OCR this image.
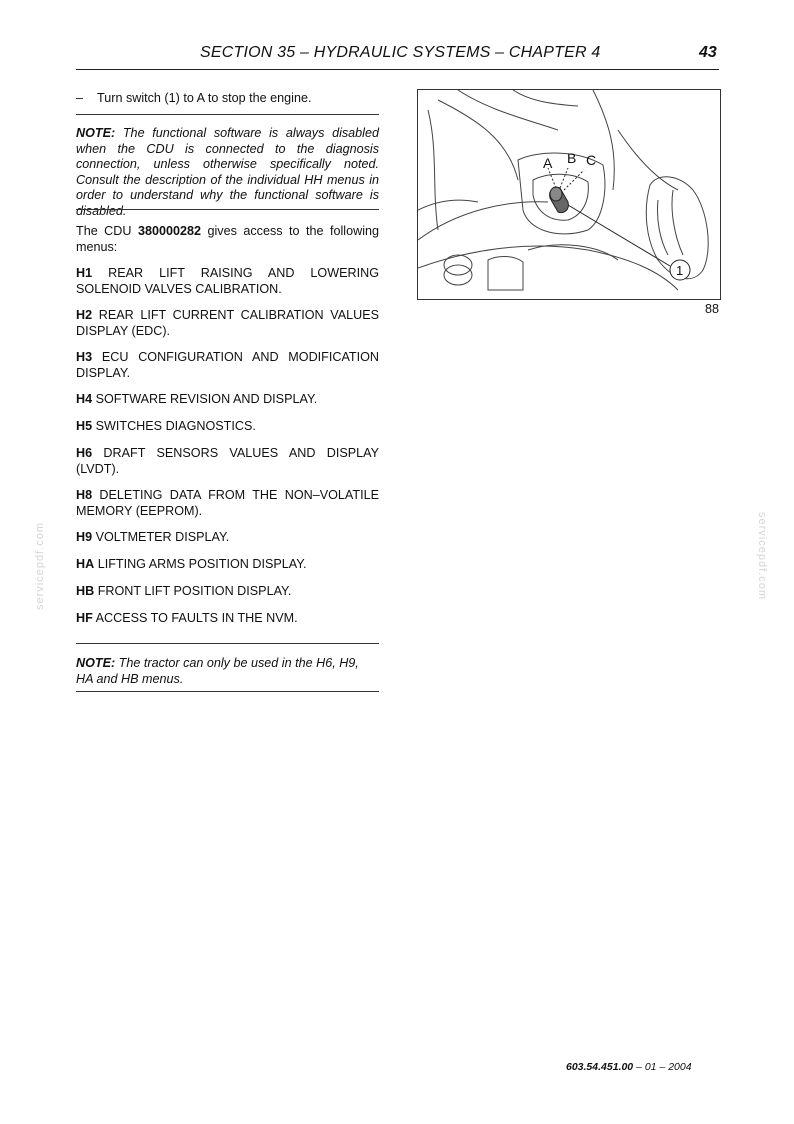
SECTION 35 – HYDRAULIC SYSTEMS – CHAPTER 4	43
– Turn switch (1) to A to stop the engine.
NOTE: The functional software is always disabled when the CDU is connected to the diagnosis connection, unless otherwise specifically noted. Consult the description of the individual HH menus in order to understand why the functional software is disabled.
The CDU 380000282 gives access to the following menus:
H1 REAR LIFT RAISING AND LOWERING SOLENOID VALVES CALIBRATION.
H2 REAR LIFT CURRENT CALIBRATION VALUES DISPLAY (EDC).
H3 ECU CONFIGURATION AND MODIFICATION DISPLAY.
H4 SOFTWARE REVISION AND DISPLAY.
H5 SWITCHES DIAGNOSTICS.
H6 DRAFT SENSORS VALUES AND DISPLAY (LVDT).
H8 DELETING DATA FROM THE NON–VOLATILE MEMORY (EEPROM).
H9 VOLTMETER DISPLAY.
HA LIFTING ARMS POSITION DISPLAY.
HB FRONT LIFT POSITION DISPLAY.
HF ACCESS TO FAULTS IN THE NVM.
NOTE: The tractor can only be used in the H6, H9, HA and HB menus.
1
A B C
88
servicepdf.com	servicepdf.com
603.54.451.00 – 01 – 2004
